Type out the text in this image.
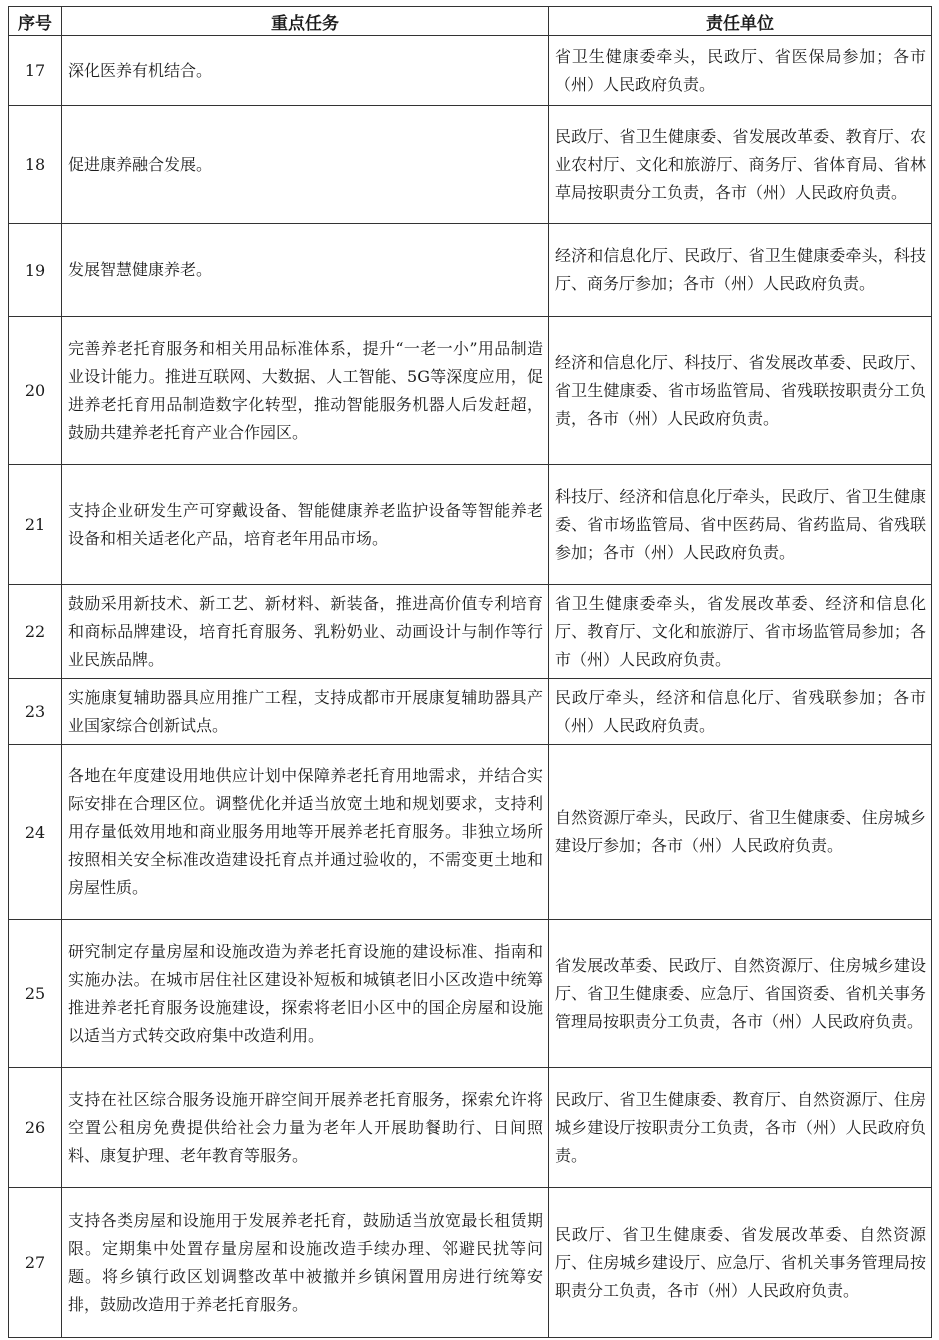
序号	重点任务	责任单位
17	深化医养有机结合。	省卫生健康委牵头，民政厅、省医保局参加；各市（州）人民政府负责。
18	促进康养融合发展。	民政厅、省卫生健康委、省发展改革委、教育厅、农业农村厅、文化和旅游厅、商务厅、省体育局、省林草局按职责分工负责，各市（州）人民政府负责。
19	发展智慧健康养老。	经济和信息化厅、民政厅、省卫生健康委牵头，科技厅、商务厅参加；各市（州）人民政府负责。
20	完善养老托育服务和相关用品标准体系，提升“一老一小”用品制造业设计能力。推进互联网、大数据、人工智能、5G等深度应用，促进养老托育用品制造数字化转型，推动智能服务机器人后发赶超，鼓励共建养老托育产业合作园区。	经济和信息化厅、科技厅、省发展改革委、民政厅、省卫生健康委、省市场监管局、省残联按职责分工负责，各市（州）人民政府负责。
21	支持企业研发生产可穿戴设备、智能健康养老监护设备等智能养老设备和相关适老化产品，培育老年用品市场。	科技厅、经济和信息化厅牵头，民政厅、省卫生健康委、省市场监管局、省中医药局、省药监局、省残联参加；各市（州）人民政府负责。
22	鼓励采用新技术、新工艺、新材料、新装备，推进高价值专利培育和商标品牌建设，培育托育服务、乳粉奶业、动画设计与制作等行业民族品牌。	省卫生健康委牵头，省发展改革委、经济和信息化厅、教育厅、文化和旅游厅、省市场监管局参加；各市（州）人民政府负责。
23	实施康复辅助器具应用推广工程，支持成都市开展康复辅助器具产业国家综合创新试点。	民政厅牵头，经济和信息化厅、省残联参加；各市（州）人民政府负责。
24	各地在年度建设用地供应计划中保障养老托育用地需求，并结合实际安排在合理区位。调整优化并适当放宽土地和规划要求，支持利用存量低效用地和商业服务用地等开展养老托育服务。非独立场所按照相关安全标准改造建设托育点并通过验收的，不需变更土地和房屋性质。	自然资源厅牵头，民政厅、省卫生健康委、住房城乡建设厅参加；各市（州）人民政府负责。
25	研究制定存量房屋和设施改造为养老托育设施的建设标准、指南和实施办法。在城市居住社区建设补短板和城镇老旧小区改造中统筹推进养老托育服务设施建设，探索将老旧小区中的国企房屋和设施以适当方式转交政府集中改造利用。	省发展改革委、民政厅、自然资源厅、住房城乡建设厅、省卫生健康委、应急厅、省国资委、省机关事务管理局按职责分工负责，各市（州）人民政府负责。
26	支持在社区综合服务设施开辟空间开展养老托育服务，探索允许将空置公租房免费提供给社会力量为老年人开展助餐助行、日间照料、康复护理、老年教育等服务。	民政厅、省卫生健康委、教育厅、自然资源厅、住房城乡建设厅按职责分工负责，各市（州）人民政府负责。
27	支持各类房屋和设施用于发展养老托育，鼓励适当放宽最长租赁期限。定期集中处置存量房屋和设施改造手续办理、邻避民扰等问题。将乡镇行政区划调整改革中被撤并乡镇闲置用房进行统筹安排，鼓励改造用于养老托育服务。	民政厅、省卫生健康委、省发展改革委、自然资源厅、住房城乡建设厅、应急厅、省机关事务管理局按职责分工负责，各市（州）人民政府负责。
